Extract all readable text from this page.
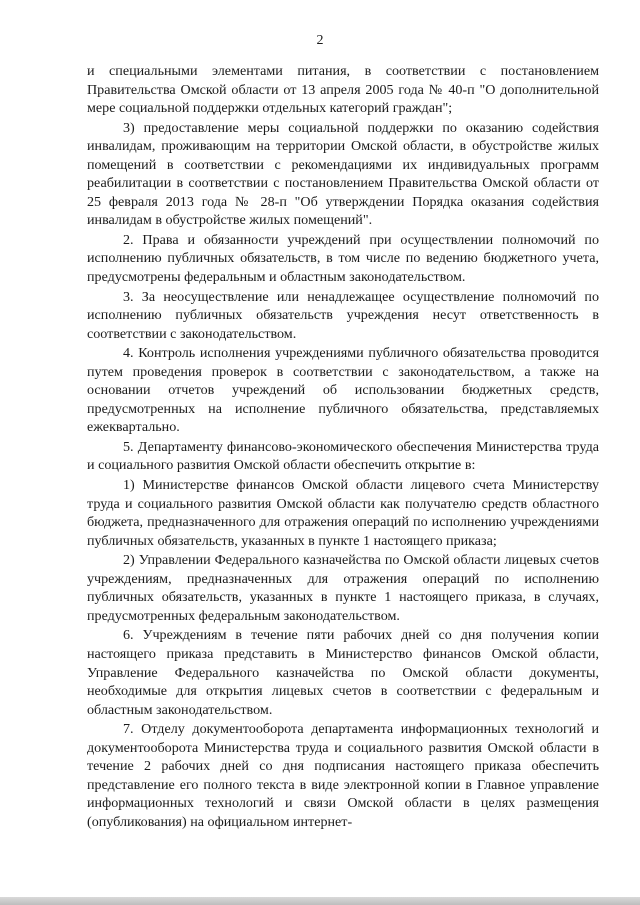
2

и специальными элементами питания, в соответствии с постановлением Правительства Омской области от 13 апреля 2005 года № 40-п "О дополнительной мере социальной поддержки отдельных категорий граждан";

3) предоставление меры социальной поддержки по оказанию содействия инвалидам, проживающим на территории Омской области, в обустройстве жилых помещений в соответствии с рекомендациями их индивидуальных программ реабилитации в соответствии с постановлением Правительства Омской области от 25 февраля 2013 года № 28-п "Об утверждении Порядка оказания содействия инвалидам в обустройстве жилых помещений".

2. Права и обязанности учреждений при осуществлении полномочий по исполнению публичных обязательств, в том числе по ведению бюджетного учета, предусмотрены федеральным и областным законодательством.

3. За неосуществление или ненадлежащее осуществление полномочий по исполнению публичных обязательств учреждения несут ответственность в соответствии с законодательством.

4. Контроль исполнения учреждениями публичного обязательства проводится путем проведения проверок в соответствии с законодательством, а также на основании отчетов учреждений об использовании бюджетных средств, предусмотренных на исполнение публичного обязательства, представляемых ежеквартально.

5. Департаменту финансово-экономического обеспечения Министерства труда и социального развития Омской области обеспечить открытие в:

1) Министерстве финансов Омской области лицевого счета Министерству труда и социального развития Омской области как получателю средств областного бюджета, предназначенного для отражения операций по исполнению учреждениями публичных обязательств, указанных в пункте 1 настоящего приказа;

2) Управлении Федерального казначейства по Омской области лицевых счетов учреждениям, предназначенных для отражения операций по исполнению публичных обязательств, указанных в пункте 1 настоящего приказа, в случаях, предусмотренных федеральным законодательством.

6. Учреждениям в течение пяти рабочих дней со дня получения копии настоящего приказа представить в Министерство финансов Омской области, Управление Федерального казначейства по Омской области документы, необходимые для открытия лицевых счетов в соответствии с федеральным и областным законодательством.

7. Отделу документооборота департамента информационных технологий и документооборота Министерства труда и социального развития Омской области в течение 2 рабочих дней со дня подписания настоящего приказа обеспечить представление его полного текста в виде электронной копии в Главное управление информационных технологий и связи Омской области в целях размещения (опубликования) на официальном интернет-
